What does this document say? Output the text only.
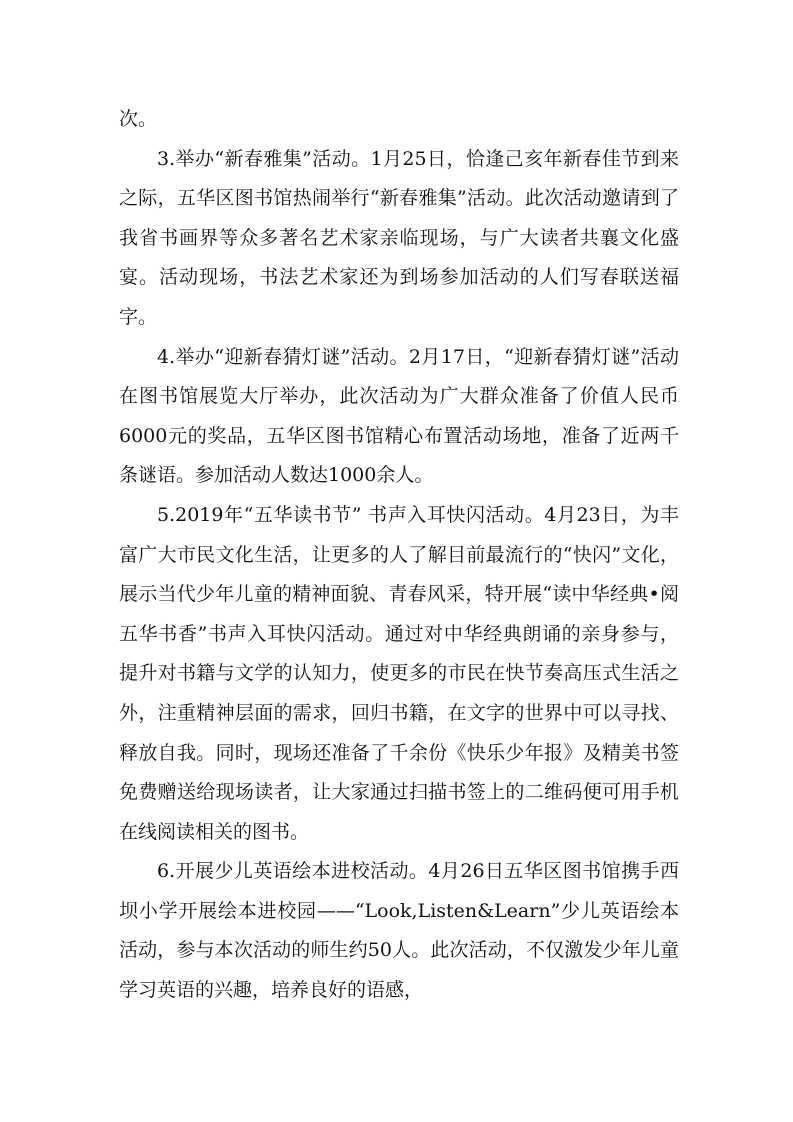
次。

3.举办“新春雅集”活动。1月25日，恰逢己亥年新春佳节到来之际，五华区图书馆热闹举行“新春雅集”活动。此次活动邀请到了我省书画界等众多著名艺术家亲临现场，与广大读者共襄文化盛宴。活动现场，书法艺术家还为到场参加活动的人们写春联送福字。

4.举办“迎新春猜灯谜”活动。2月17日，“迎新春猜灯谜”活动在图书馆展览大厅举办，此次活动为广大群众准备了价值人民币6000元的奖品，五华区图书馆精心布置活动场地，准备了近两千条谜语。参加活动人数达1000余人。

5.2019年“五华读书节” 书声入耳快闪活动。4月23日，为丰富广大市民文化生活，让更多的人了解目前最流行的“快闪”文化，展示当代少年儿童的精神面貌、青春风采，特开展“读中华经典•阅五华书香”书声入耳快闪活动。通过对中华经典朗诵的亲身参与，提升对书籍与文学的认知力，使更多的市民在快节奏高压式生活之外，注重精神层面的需求，回归书籍，在文字的世界中可以寻找、释放自我。同时，现场还准备了千余份《快乐少年报》及精美书签免费赠送给现场读者，让大家通过扫描书签上的二维码便可用手机在线阅读相关的图书。

6.开展少儿英语绘本进校活动。4月26日五华区图书馆携手西坝小学开展绘本进校园——“Look,Listen&Learn”少儿英语绘本活动，参与本次活动的师生约50人。此次活动，不仅激发少年儿童学习英语的兴趣，培养良好的语感，
